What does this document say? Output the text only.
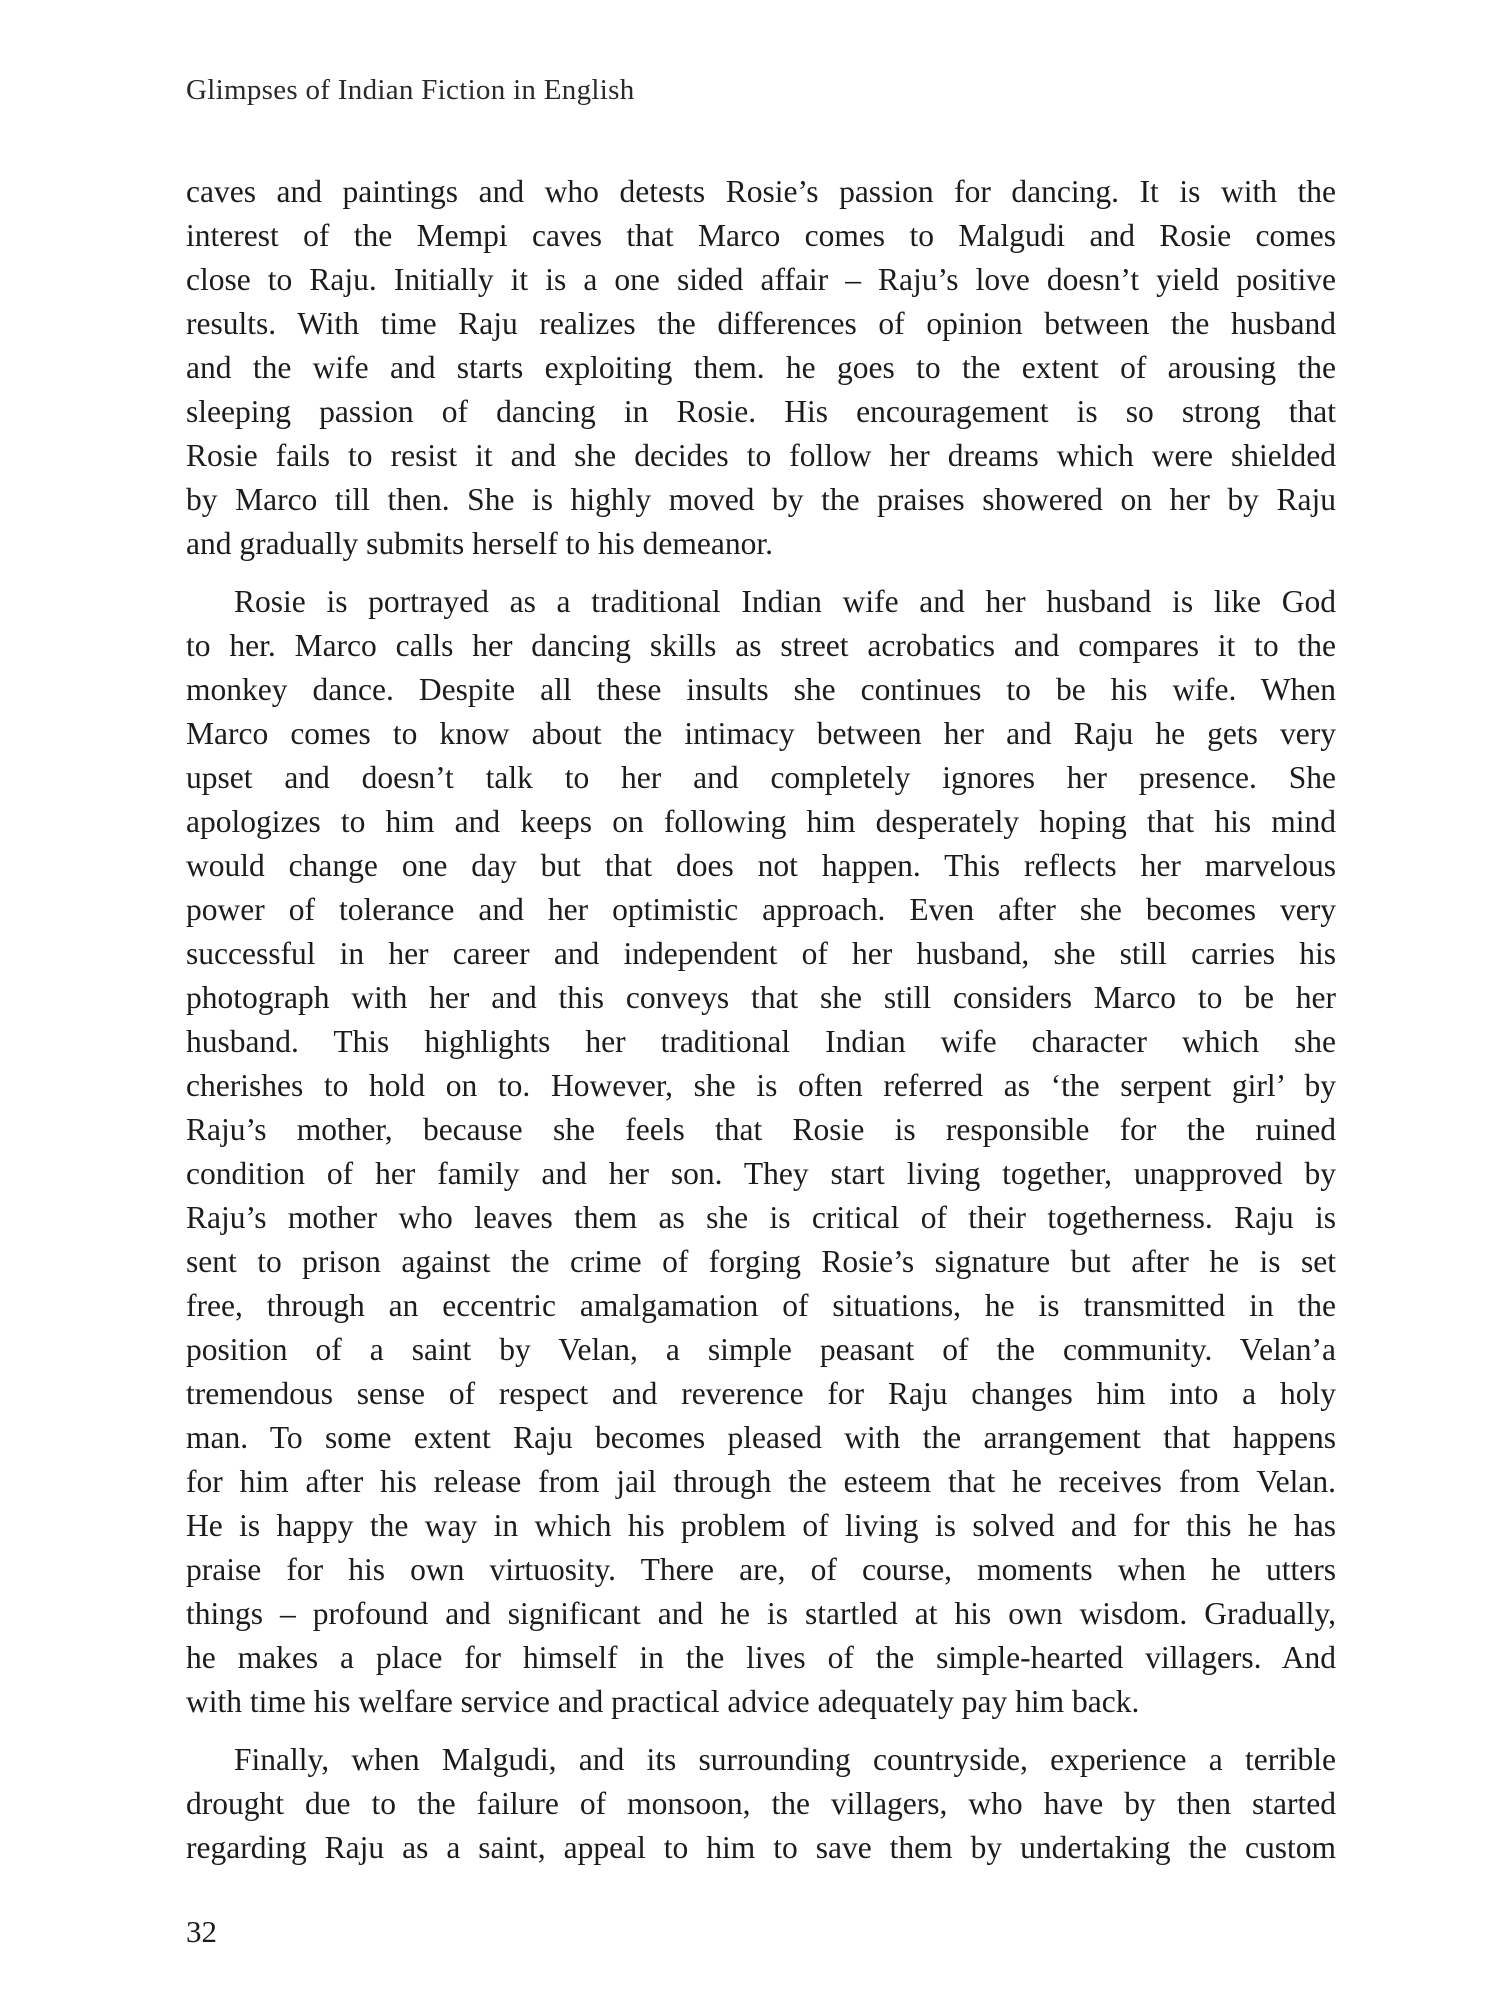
Glimpses of Indian Fiction in English

caves and paintings and who detests Rosie’s passion for dancing. It is with the
interest of the Mempi caves that Marco comes to Malgudi and Rosie comes
close to Raju. Initially it is a one sided affair – Raju’s love doesn’t yield positive
results. With time Raju realizes the differences of opinion between the husband
and the wife and starts exploiting them. he goes to the extent of arousing the
sleeping passion of dancing in Rosie. His encouragement is so strong that
Rosie fails to resist it and she decides to follow her dreams which were shielded
by Marco till then. She is highly moved by the praises showered on her by Raju
and gradually submits herself to his demeanor.

Rosie is portrayed as a traditional Indian wife and her husband is like God
to her. Marco calls her dancing skills as street acrobatics and compares it to the
monkey dance. Despite all these insults she continues to be his wife. When
Marco comes to know about the intimacy between her and Raju he gets very
upset and doesn’t talk to her and completely ignores her presence. She
apologizes to him and keeps on following him desperately hoping that his mind
would change one day but that does not happen. This reflects her marvelous
power of tolerance and her optimistic approach. Even after she becomes very
successful in her career and independent of her husband, she still carries his
photograph with her and this conveys that she still considers Marco to be her
husband. This highlights her traditional Indian wife character which she
cherishes to hold on to. However, she is often referred as ‘the serpent girl’ by
Raju’s mother, because she feels that Rosie is responsible for the ruined
condition of her family and her son. They start living together, unapproved by
Raju’s mother who leaves them as she is critical of their togetherness. Raju is
sent to prison against the crime of forging Rosie’s signature but after he is set
free, through an eccentric amalgamation of situations, he is transmitted in the
position of a saint by Velan, a simple peasant of the community. Velan’a
tremendous sense of respect and reverence for Raju changes him into a holy
man. To some extent Raju becomes pleased with the arrangement that happens
for him after his release from jail through the esteem that he receives from Velan.
He is happy the way in which his problem of living is solved and for this he has
praise for his own virtuosity. There are, of course, moments when he utters
things – profound and significant and he is startled at his own wisdom. Gradually,
he makes a place for himself in the lives of the simple-hearted villagers. And
with time his welfare service and practical advice adequately pay him back.

Finally, when Malgudi, and its surrounding countryside, experience a terrible
drought due to the failure of monsoon, the villagers, who have by then started
regarding Raju as a saint, appeal to him to save them by undertaking the custom

32
